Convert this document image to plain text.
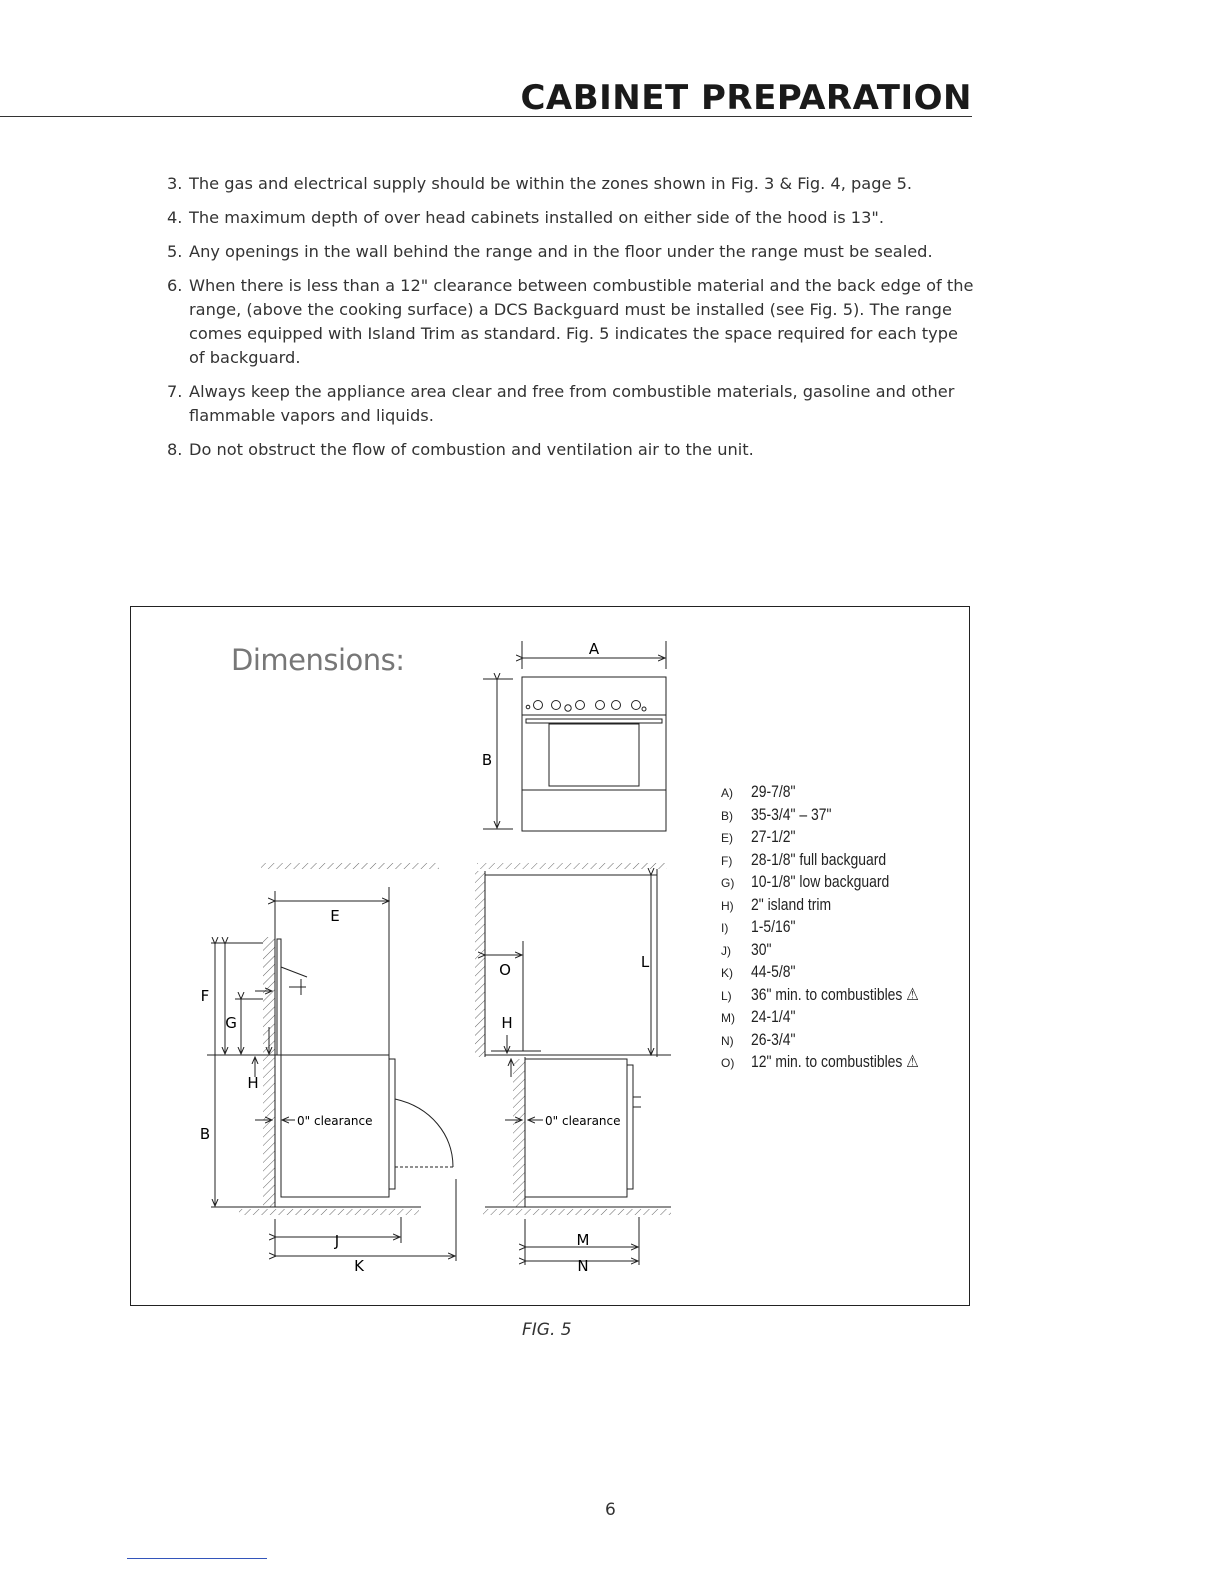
CABINET PREPARATION
3. The gas and electrical supply should be within the zones shown in Fig. 3 & Fig. 4, page 5.
4. The maximum depth of over head cabinets installed on either side of the hood is 13".
5. Any openings in the wall behind the range and in the floor under the range must be sealed.
6. When there is less than a 12" clearance between combustible material and the back edge of the range, (above the cooking surface) a DCS Backguard must be installed (see Fig. 5). The range comes equipped with Island Trim as standard. Fig. 5 indicates the space required for each type of backguard.
7. Always keep the appliance area clear and free from combustible materials, gasoline and other flammable vapors and liquids.
8. Do not obstruct the flow of combustion and ventilation air to the unit.
Dimensions:	A
B
E
F
G
H
B
0" clearance
J
K
L
O
H
0" clearance
M
N
A) 29-7/8"
B) 35-3/4" – 37"
E) 27-1/2"
F) 28-1/8" full backguard
G) 10-1/8" low backguard
H) 2" island trim
I) 1-5/16"
J) 30"
K) 44-5/8"
L) 36" min. to combustibles ⚠
M) 24-1/4"
N) 26-3/4"
O) 12" min. to combustibles ⚠
FIG. 5
6
